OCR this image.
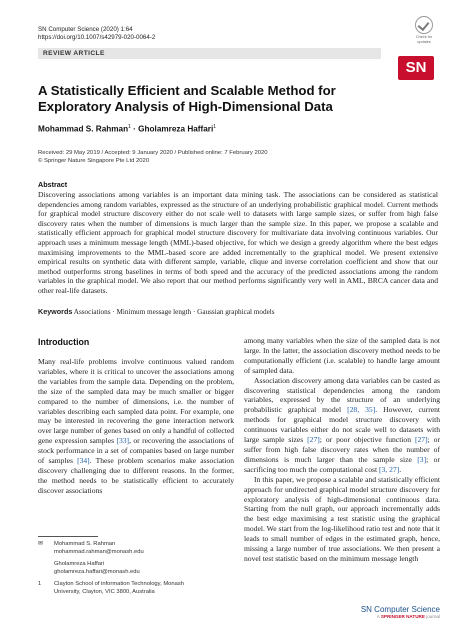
SN Computer Science (2020) 1:64
https://doi.org/10.1007/s42979-020-0064-2	Check for updates
REVIEW ARTICLE
SN
A Statistically Efficient and Scalable Method for Exploratory Analysis of High-Dimensional Data
Mohammad S. Rahman$^1$ · Gholamreza Haffari$^1$
Received: 29 May 2019 / Accepted: 9 January 2020 / Published online: 7 February 2020
© Springer Nature Singapore Pte Ltd 2020
Abstract
Discovering associations among variables is an important data mining task. The associations can be considered as statistical dependencies among random variables, expressed as the structure of an underlying probabilistic graphical model. Current methods for graphical model structure discovery either do not scale well to datasets with large sample sizes, or suffer from high false discovery rates when the number of dimensions is much larger than the sample size. In this paper, we propose a scalable and statistically efficient approach for graphical model structure discovery for multivariate data involving continuous variables. Our approach uses a minimum message length (MML)-based objective, for which we design a greedy algorithm where the best edges maximising improvements to the MML-based score are added incrementally to the graphical model. We present extensive empirical results on synthetic data with different sample, variable, clique and inverse correlation coefficient and show that our method outperforms strong baselines in terms of both speed and the accuracy of the predicted associations among the random variables in the graphical model. We also report that our method performs significantly very well in AML, BRCA cancer data and other real-life datasets.
Keywords Associations · Minimum message length · Gaussian graphical models
Introduction

Many real-life problems involve continuous valued random variables, where it is critical to uncover the associations among the variables from the sample data. Depending on the problem, the size of the sampled data may be much smaller or bigger compared to the number of dimensions, i.e. the number of variables describing each sampled data point. For example, one may be interested in recovering the gene interaction network over large number of genes based on only a handful of collected gene expression samples [33], or recovering the associations of stock performance in a set of companies based on large number of samples [34]. These problem scenarios make association discovery challenging due to different reasons. In the former, the method needs to be statistically efficient to accurately discover associations

among many variables when the size of the sampled data is not large. In the latter, the association discovery method needs to be computationally efficient (i.e. scalable) to handle large amount of sampled data.

Association discovery among data variables can be casted as discovering statistical dependencies among the random variables, expressed by the structure of an underlying probabilistic graphical model [28, 35]. However, current methods for graphical model structure discovery with continuous variables either do not scale well to datasets with large sample sizes [27]; or poor objective function [27]; or suffer from high false discovery rates when the number of dimensions is much larger than the sample size [3]; or sacrificing too much the computational cost [3, 27].

In this paper, we propose a scalable and statistically efficient approach for undirected graphical model structure discovery for exploratory analysis of high-dimensional continuous data. Starting from the null graph, our approach incrementally adds the best edge maximising a test statistic using the graphical model. We start from the log-likelihood ratio test and note that it leads to small number of edges in the estimated graph, hence, missing a large number of true associations. We then present a novel test statistic based on the minimum message length

✉	Mohammad S. Rahman
mohammad.rahman@monash.edu
Gholamreza Haffari
gholamreza.haffari@monash.edu
1	Clayton School of information Technology, Monash
University, Clayton, VIC 3800, Australia
SN Computer Science
A SPRINGER NATURE journal
